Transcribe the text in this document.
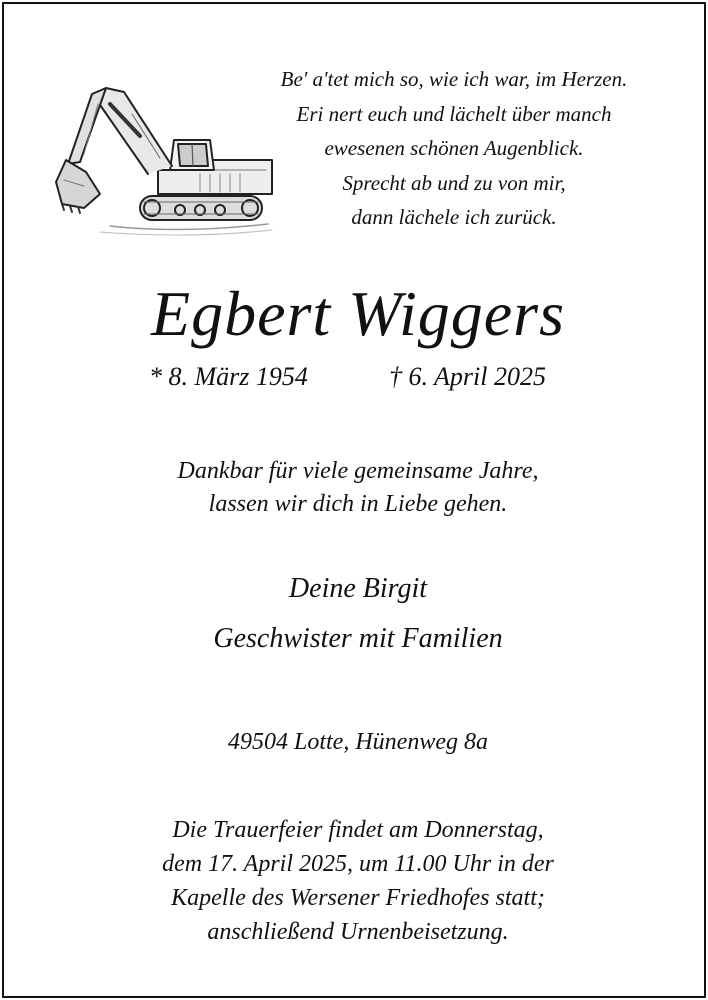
Be' a'tet mich so, wie ich war, im Herzen.
Eri nert euch und lächelt über manch
ewesenen schönen Augenblick.
Sprecht ab und zu von mir,
dann lächele ich zurück.
Egbert Wiggers
* 8. März 1954	† 6. April 2025
Dankbar für viele gemeinsame Jahre,
lassen wir dich in Liebe gehen.
Deine Birgit
Geschwister mit Familien
49504 Lotte, Hünenweg 8a
Die Trauerfeier findet am Donnerstag,
dem 17. April 2025, um 11.00 Uhr in der
Kapelle des Wersener Friedhofes statt;
anschließend Urnenbeisetzung.
